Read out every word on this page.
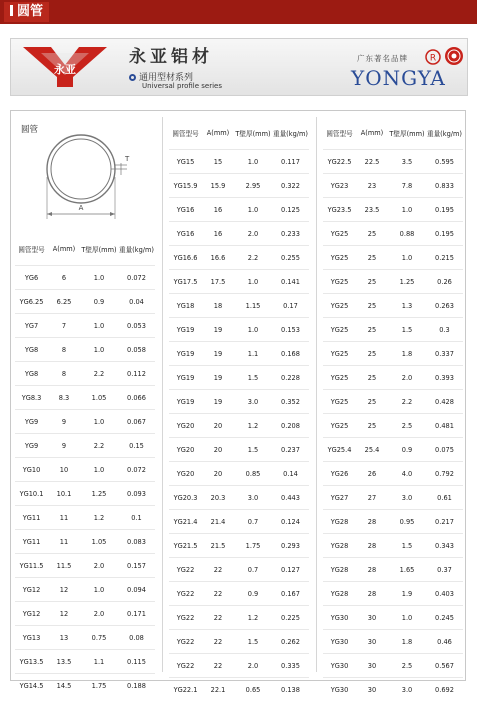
圆管
永亚
永亚铝材
通用型材系列
Universal profile series
广东著名品牌 R
YONGYA
圆管
T
A
圆管型号	A(mm)	T壁厚(mm)	重量(kg/m)
YG6	6	1.0	0.072
YG6.25	6.25	0.9	0.04
YG7	7	1.0	0.053
YG8	8	1.0	0.058
YG8	8	2.2	0.112
YG8.3	8.3	1.05	0.066
YG9	9	1.0	0.067
YG9	9	2.2	0.15
YG10	10	1.0	0.072
YG10.1	10.1	1.25	0.093
YG11	11	1.2	0.1
YG11	11	1.05	0.083
YG11.5	11.5	2.0	0.157
YG12	12	1.0	0.094
YG12	12	2.0	0.171
YG13	13	0.75	0.08
YG13.5	13.5	1.1	0.115
YG14.5	14.5	1.75	0.188
圆管型号	A(mm)	T壁厚(mm)	重量(kg/m)
YG15	15	1.0	0.117
YG15.9	15.9	2.95	0.322
YG16	16	1.0	0.125
YG16	16	2.0	0.233
YG16.6	16.6	2.2	0.255
YG17.5	17.5	1.0	0.141
YG18	18	1.15	0.17
YG19	19	1.0	0.153
YG19	19	1.1	0.168
YG19	19	1.5	0.228
YG19	19	3.0	0.352
YG20	20	1.2	0.208
YG20	20	1.5	0.237
YG20	20	0.85	0.14
YG20.3	20.3	3.0	0.443
YG21.4	21.4	0.7	0.124
YG21.5	21.5	1.75	0.293
YG22	22	0.7	0.127
YG22	22	0.9	0.167
YG22	22	1.2	0.225
YG22	22	1.5	0.262
YG22	22	2.0	0.335
YG22.1	22.1	0.65	0.138
圆管型号	A(mm)	T壁厚(mm)	重量(kg/m)
YG22.5	22.5	3.5	0.595
YG23	23	7.8	0.833
YG23.5	23.5	1.0	0.195
YG25	25	0.88	0.195
YG25	25	1.0	0.215
YG25	25	1.25	0.26
YG25	25	1.3	0.263
YG25	25	1.5	0.3
YG25	25	1.8	0.337
YG25	25	2.0	0.393
YG25	25	2.2	0.428
YG25	25	2.5	0.481
YG25.4	25.4	0.9	0.075
YG26	26	4.0	0.792
YG27	27	3.0	0.61
YG28	28	0.95	0.217
YG28	28	1.5	0.343
YG28	28	1.65	0.37
YG28	28	1.9	0.403
YG30	30	1.0	0.245
YG30	30	1.8	0.46
YG30	30	2.5	0.567
YG30	30	3.0	0.692
